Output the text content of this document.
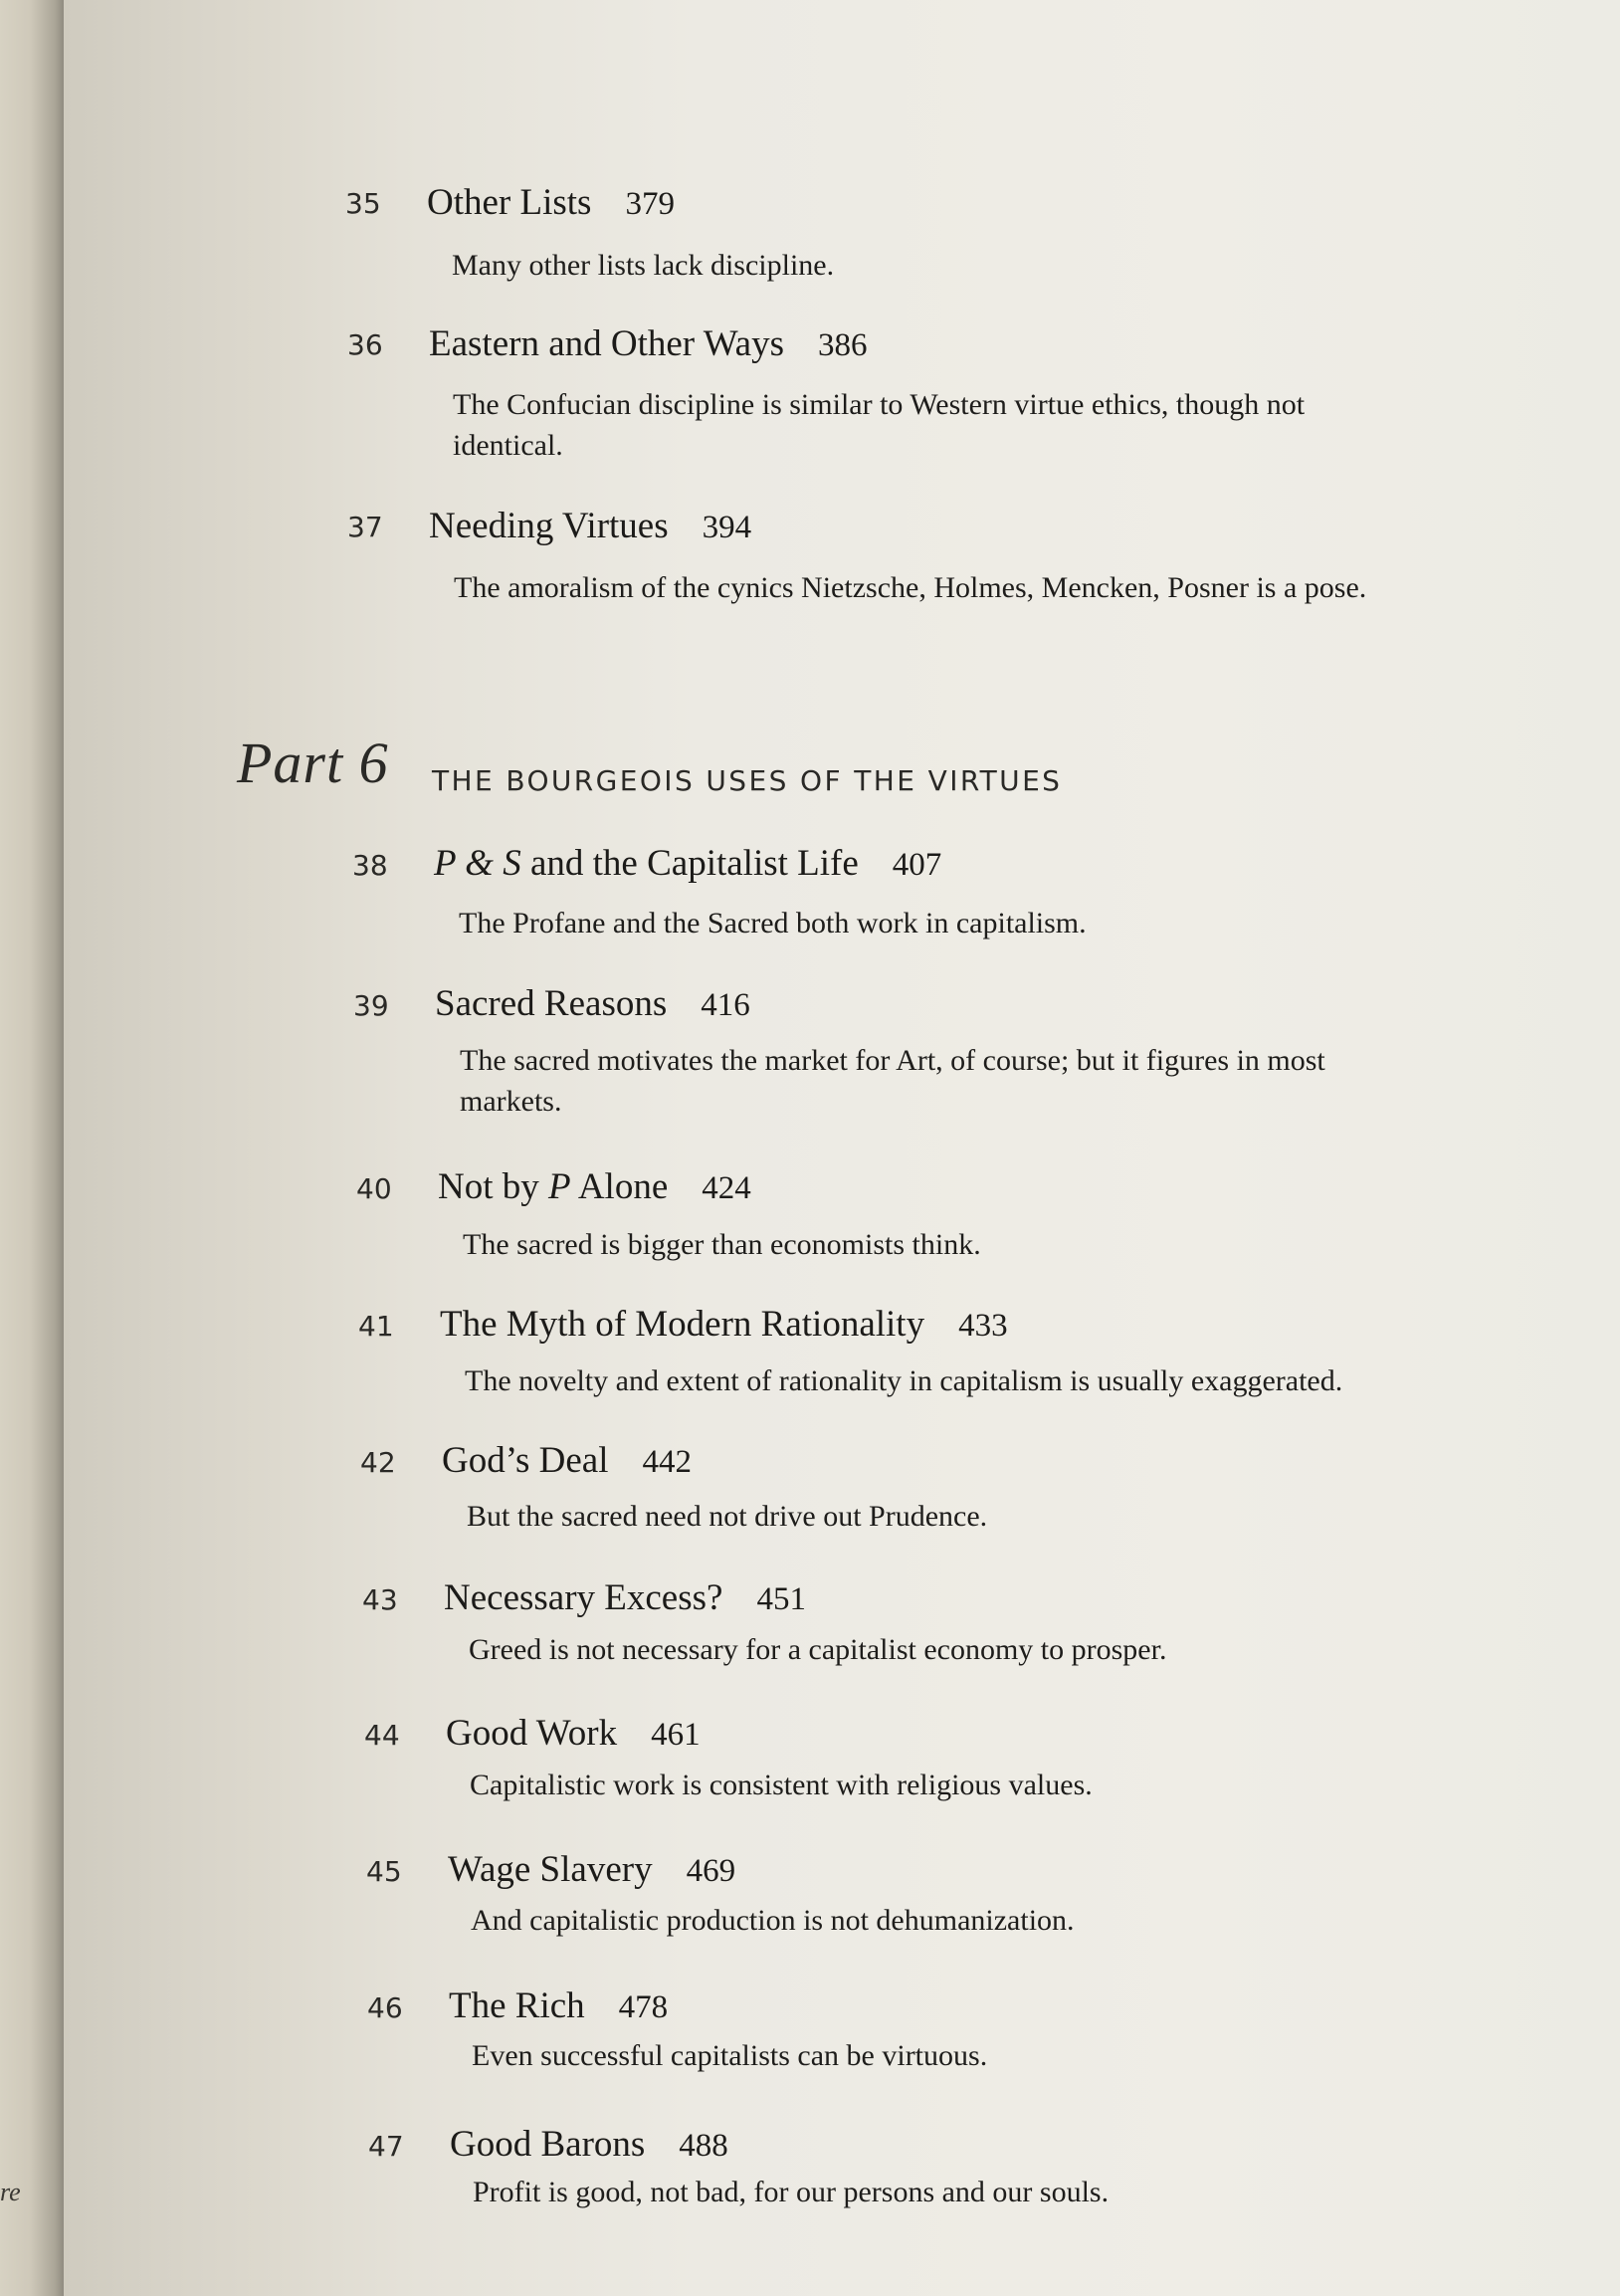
re
35 Other Lists 379
Many other lists lack discipline.
36 Eastern and Other Ways 386
The Confucian discipline is similar to Western virtue ethics, though not identical.
37 Needing Virtues 394
The amoralism of the cynics Nietzsche, Holmes, Mencken, Posner is a pose.
Part 6 THE BOURGEOIS USES OF THE VIRTUES
38 P & S and the Capitalist Life 407
The Profane and the Sacred both work in capitalism.
39 Sacred Reasons 416
The sacred motivates the market for Art, of course; but it figures in most markets.
40 Not by P Alone 424
The sacred is bigger than economists think.
41 The Myth of Modern Rationality 433
The novelty and extent of rationality in capitalism is usually exaggerated.
42 God’s Deal 442
But the sacred need not drive out Prudence.
43 Necessary Excess? 451
Greed is not necessary for a capitalist economy to prosper.
44 Good Work 461
Capitalistic work is consistent with religious values.
45 Wage Slavery 469
And capitalistic production is not dehumanization.
46 The Rich 478
Even successful capitalists can be virtuous.
47 Good Barons 488
Profit is good, not bad, for our persons and our souls.
